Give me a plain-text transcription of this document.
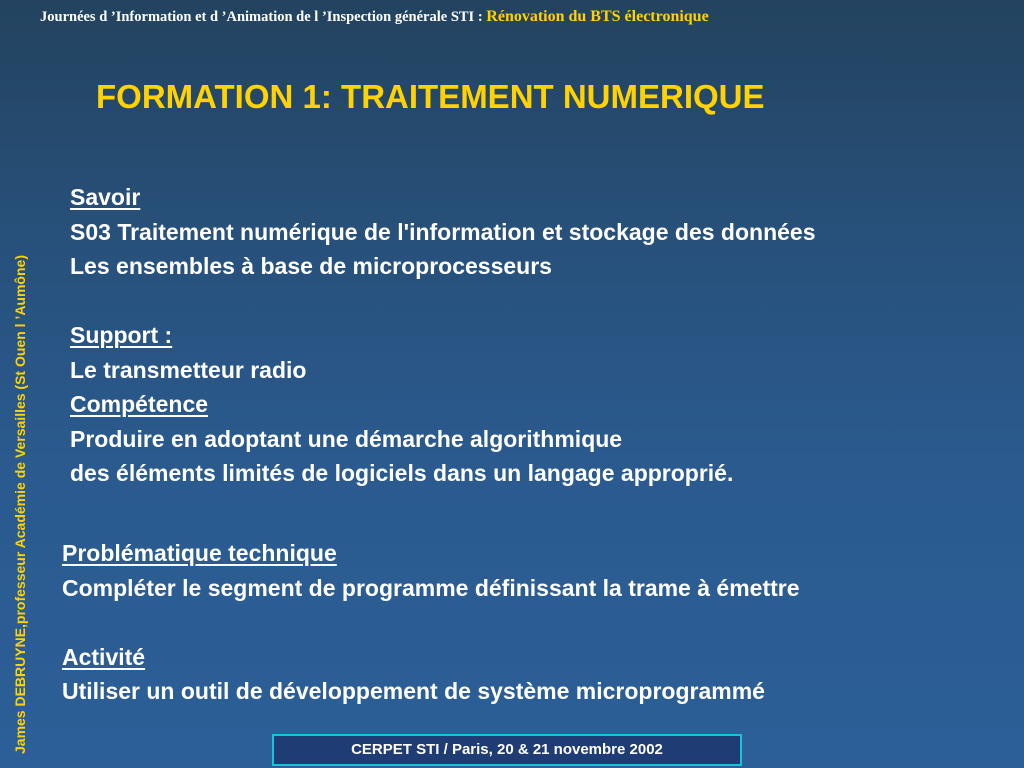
Journées d ’Information et d ’Animation de l ’Inspection générale STI : Rénovation du BTS électronique
James DEBRUYNE,professeur Académie de Versailles (St Ouen l ’Aumône)
FORMATION 1: TRAITEMENT NUMERIQUE
Savoir
S03 Traitement numérique de l'information et stockage des données
Les ensembles à base de microprocesseurs
Support :
Le transmetteur radio
Compétence
Produire en adoptant une démarche algorithmique
des éléments limités de logiciels dans un langage approprié.
Problématique technique
Compléter le segment de programme définissant la trame à émettre
Activité
Utiliser un outil de développement de système microprogrammé
CERPET STI / Paris, 20 & 21 novembre 2002
